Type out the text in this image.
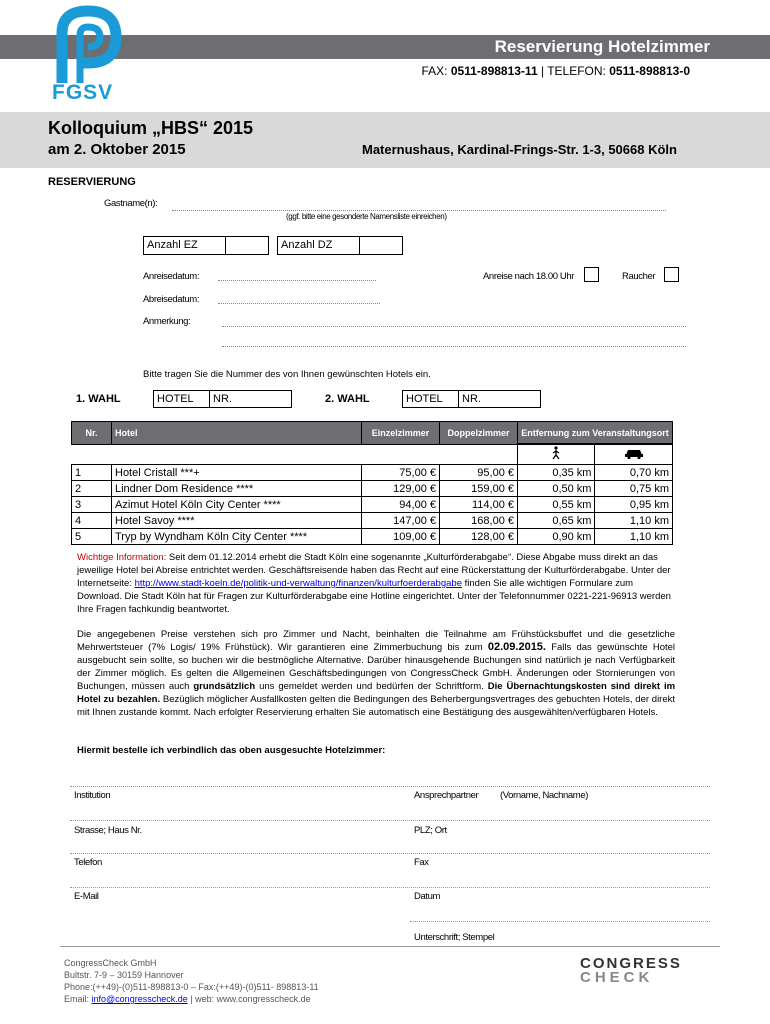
FGSV
Reservierung Hotelzimmer
FAX: 0511-898813-11 | TELEFON: 0511-898813-0
Kolloquium „HBS“ 2015
am 2. Oktober 2015	Maternushaus, Kardinal-Frings-Str. 1-3, 50668 Köln
RESERVIERUNG
Gastname(n):
(ggf. bitte eine gesonderte Namensliste einreichen)
Anzahl EZ	Anzahl DZ
Anreisedatum:	Anreise nach 18.00 Uhr	Raucher
Abreisedatum:
Anmerkung:
Bitte tragen Sie die Nummer des von Ihnen gewünschten Hotels ein.
1. WAHL	HOTEL	NR.	2. WAHL	HOTEL	NR.
Nr.	Hotel	Einzelzimmer	Doppelzimmer	Entfernung zum Veranstaltungsort	

1	Hotel Cristall ***+	75,00 €	95,00 €	0,35 km	0,70 km
2	Lindner Dom Residence ****	129,00 €	159,00 €	0,50 km	0,75 km
3	Azimut Hotel Köln City Center ****	94,00 €	114,00 €	0,55 km	0,95 km
4	Hotel Savoy ****	147,00 €	168,00 €	0,65 km	1,10 km
5	Tryp by Wyndham Köln City Center ****	109,00 €	128,00 €	0,90 km	1,10 km
Wichtige Information: Seit dem 01.12.2014 erhebt die Stadt Köln eine sogenannte „Kulturförderabgabe“. Diese Abgabe muss direkt an das jeweilige Hotel bei Abreise entrichtet werden. Geschäftsreisende haben das Recht auf eine Rückerstattung der Kulturförderabgabe. Unter der Internetseite: http://www.stadt-koeln.de/politik-und-verwaltung/finanzen/kulturfoerderabgabe finden Sie alle wichtigen Formulare zum Download. Die Stadt Köln hat für Fragen zur Kulturförderabgabe eine Hotline eingerichtet. Unter der Telefonnummer 0221-221-96913 werden Ihre Fragen fachkundig beantwortet.
Die angegebenen Preise verstehen sich pro Zimmer und Nacht, beinhalten die Teilnahme am Frühstücksbuffet und die gesetzliche Mehrwertsteuer (7% Logis/ 19% Frühstück). Wir garantieren eine Zimmerbuchung bis zum 02.09.2015. Falls das gewünschte Hotel ausgebucht sein sollte, so buchen wir die bestmögliche Alternative. Darüber hinausgehende Buchungen sind natürlich je nach Verfügbarkeit der Zimmer möglich. Es gelten die Allgemeinen Geschäftsbedingungen von CongressCheck GmbH. Änderungen oder Stornierungen von Buchungen, müssen auch grundsätzlich uns gemeldet werden und bedürfen der Schriftform. Die Übernachtungskosten sind direkt im Hotel zu bezahlen. Bezüglich möglicher Ausfallkosten gelten die Bedingungen des Beherbergungsvertrages des gebuchten Hotels, der direkt mit Ihnen zustande kommt. Nach erfolgter Reservierung erhalten Sie automatisch eine Bestätigung des ausgewählten/verfügbaren Hotels.
Hiermit bestelle ich verbindlich das oben ausgesuchte Hotelzimmer:
Institution	Ansprechpartner (Vorname, Nachname)
Strasse; Haus Nr.	PLZ; Ort
Telefon	Fax
E-Mail	Datum
Unterschrift; Stempel
CongressCheck GmbH
Bultstr. 7-9 – 30159 Hannover
Phone:(++49)-(0)511-898813-0 – Fax:(++49)-(0)511- 898813-11
Email: info@congresscheck.de | web: www.congresscheck.de
CONGRESS
CHECK
